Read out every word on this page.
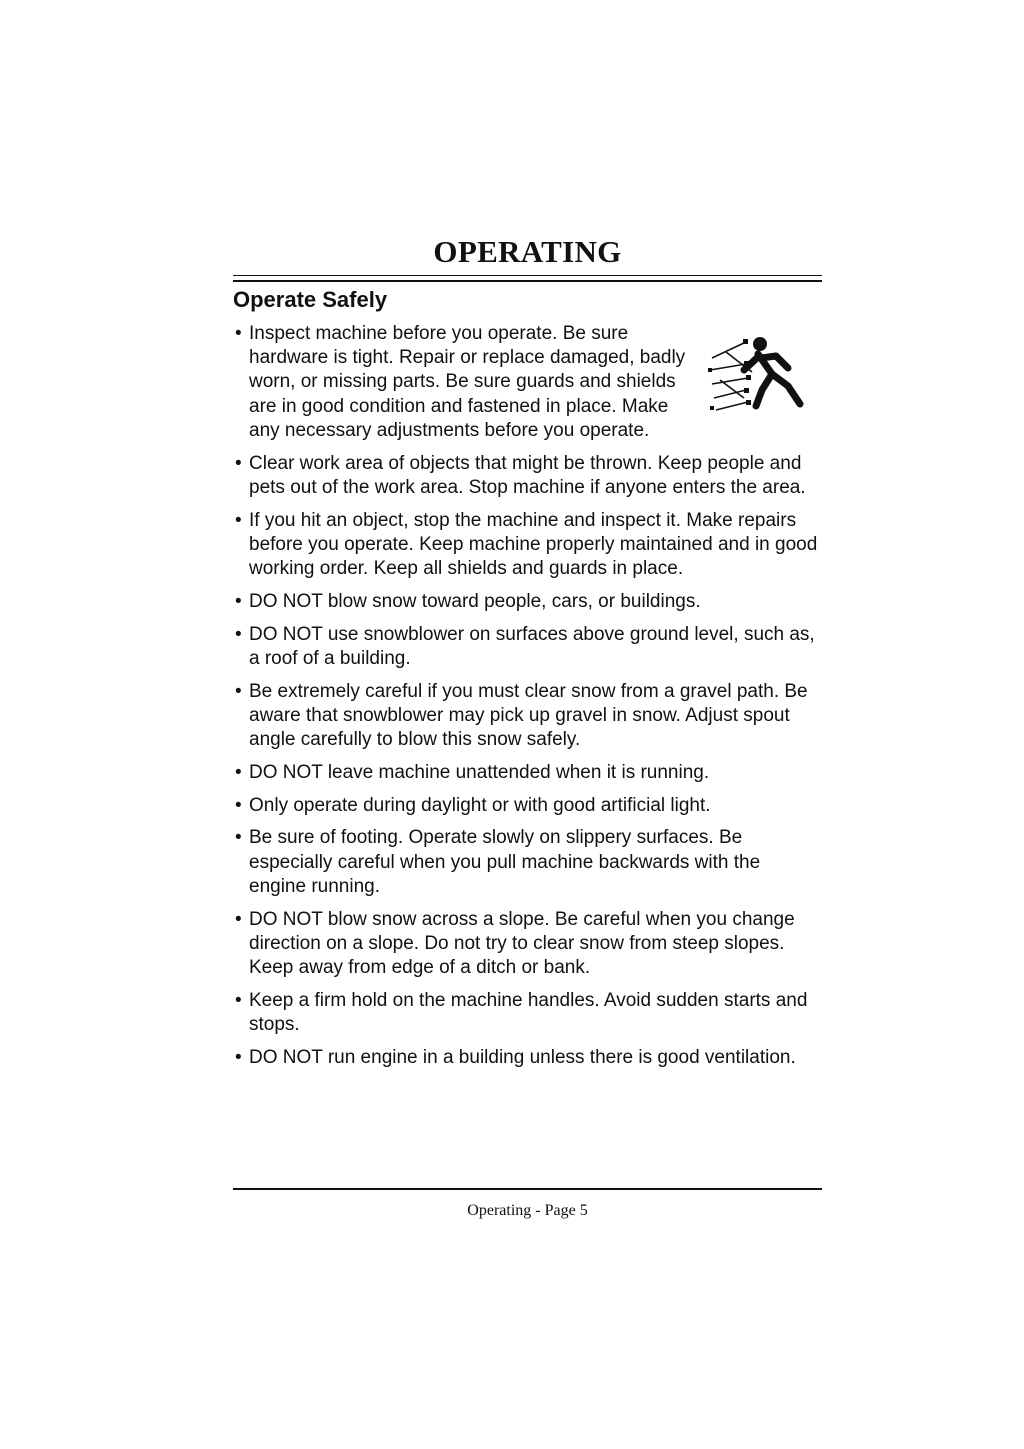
OPERATING
Operate Safely
• Inspect machine before you operate. Be sure hardware is tight. Repair or replace damaged, badly worn, or missing parts. Be sure guards and shields are in good condition and fastened in place. Make any necessary adjustments before you operate.
• Clear work area of objects that might be thrown. Keep people and pets out of the work area. Stop machine if anyone enters the area.
• If you hit an object, stop the machine and inspect it. Make repairs before you operate. Keep machine properly maintained and in good working order. Keep all shields and guards in place.
• DO NOT blow snow toward people, cars, or buildings.
• DO NOT use snowblower on surfaces above ground level, such as, a roof of a building.
• Be extremely careful if you must clear snow from a gravel path. Be aware that snowblower may pick up gravel in snow. Adjust spout angle carefully to blow this snow safely.
• DO NOT leave machine unattended when it is running.
• Only operate during daylight or with good artificial light.
• Be sure of footing. Operate slowly on slippery surfaces. Be especially careful when you pull machine backwards with the engine running.
• DO NOT blow snow across a slope. Be careful when you change direction on a slope. Do not try to clear snow from steep slopes. Keep away from edge of a ditch or bank.
• Keep a firm hold on the machine handles. Avoid sudden starts and stops.
• DO NOT run engine in a building unless there is good ventilation.
Operating - Page 5
